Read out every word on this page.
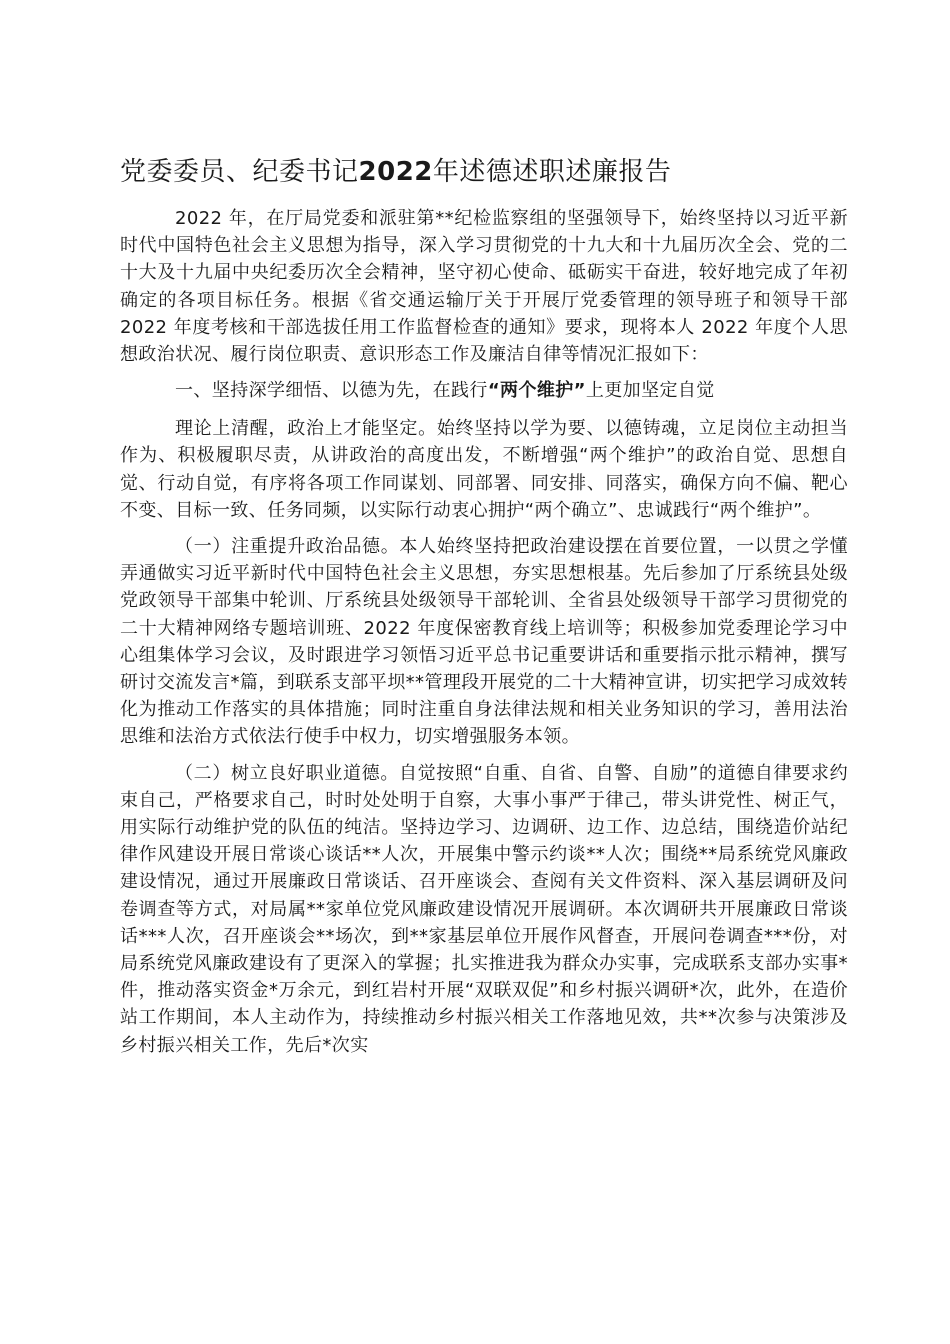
党委委员、纪委书记2022年述德述职述廉报告

2022 年，在厅局党委和派驻第**纪检监察组的坚强领导下，始终坚持以习近平新时代中国特色社会主义思想为指导，深入学习贯彻党的十九大和十九届历次全会、党的二十大及十九届中央纪委历次全会精神，坚守初心使命、砥砺实干奋进，较好地完成了年初确定的各项目标任务。根据《省交通运输厅关于开展厅党委管理的领导班子和领导干部 2022 年度考核和干部选拔任用工作监督检查的通知》要求，现将本人 2022 年度个人思想政治状况、履行岗位职责、意识形态工作及廉洁自律等情况汇报如下：

一、坚持深学细悟、以德为先，在践行“两个维护”上更加坚定自觉

理论上清醒，政治上才能坚定。始终坚持以学为要、以德铸魂，立足岗位主动担当作为、积极履职尽责，从讲政治的高度出发，不断增强“两个维护”的政治自觉、思想自觉、行动自觉，有序将各项工作同谋划、同部署、同安排、同落实，确保方向不偏、靶心不变、目标一致、任务同频，以实际行动衷心拥护“两个确立”、忠诚践行“两个维护”。

（一）注重提升政治品德。本人始终坚持把政治建设摆在首要位置，一以贯之学懂弄通做实习近平新时代中国特色社会主义思想，夯实思想根基。先后参加了厅系统县处级党政领导干部集中轮训、厅系统县处级领导干部轮训、全省县处级领导干部学习贯彻党的二十大精神网络专题培训班、2022 年度保密教育线上培训等；积极参加党委理论学习中心组集体学习会议，及时跟进学习领悟习近平总书记重要讲话和重要指示批示精神，撰写研讨交流发言*篇，到联系支部平坝**管理段开展党的二十大精神宣讲，切实把学习成效转化为推动工作落实的具体措施；同时注重自身法律法规和相关业务知识的学习，善用法治思维和法治方式依法行使手中权力，切实增强服务本领。

（二）树立良好职业道德。自觉按照“自重、自省、自警、自励”的道德自律要求约束自己，严格要求自己，时时处处明于自察，大事小事严于律己，带头讲党性、树正气，用实际行动维护党的队伍的纯洁。坚持边学习、边调研、边工作、边总结，围绕造价站纪律作风建设开展日常谈心谈话**人次，开展集中警示约谈**人次；围绕**局系统党风廉政建设情况，通过开展廉政日常谈话、召开座谈会、查阅有关文件资料、深入基层调研及问卷调查等方式，对局属**家单位党风廉政建设情况开展调研。本次调研共开展廉政日常谈话***人次，召开座谈会**场次，到**家基层单位开展作风督查，开展问卷调查***份，对局系统党风廉政建设有了更深入的掌握；扎实推进我为群众办实事，完成联系支部办实事*件，推动落实资金*万余元，到红岩村开展“双联双促”和乡村振兴调研*次，此外，在造价站工作期间，本人主动作为，持续推动乡村振兴相关工作落地见效，共**次参与决策涉及乡村振兴相关工作，先后*次实
